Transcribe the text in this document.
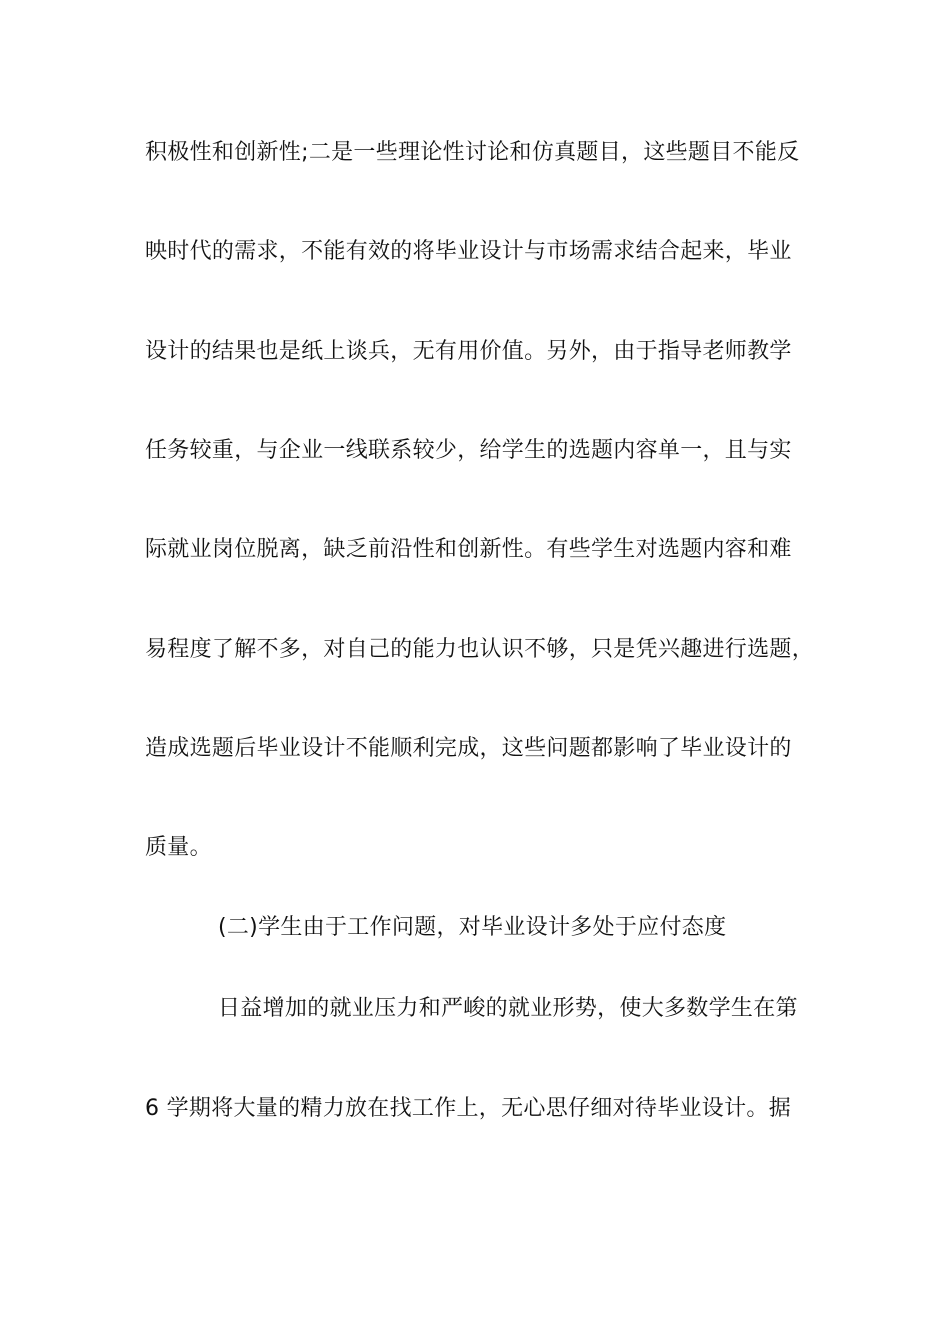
积极性和创新性;二是一些理论性讨论和仿真题目，这些题目不能反
映时代的需求，不能有效的将毕业设计与市场需求结合起来，毕业
设计的结果也是纸上谈兵，无有用价值。另外，由于指导老师教学
任务较重，与企业一线联系较少，给学生的选题内容单一，且与实
际就业岗位脱离，缺乏前沿性和创新性。有些学生对选题内容和难
易程度了解不多，对自己的能力也认识不够，只是凭兴趣进行选题，
造成选题后毕业设计不能顺利完成，这些问题都影响了毕业设计的
质量。
(二)学生由于工作问题，对毕业设计多处于应付态度
日益增加的就业压力和严峻的就业形势，使大多数学生在第
6 学期将大量的精力放在找工作上，无心思仔细对待毕业设计。据
